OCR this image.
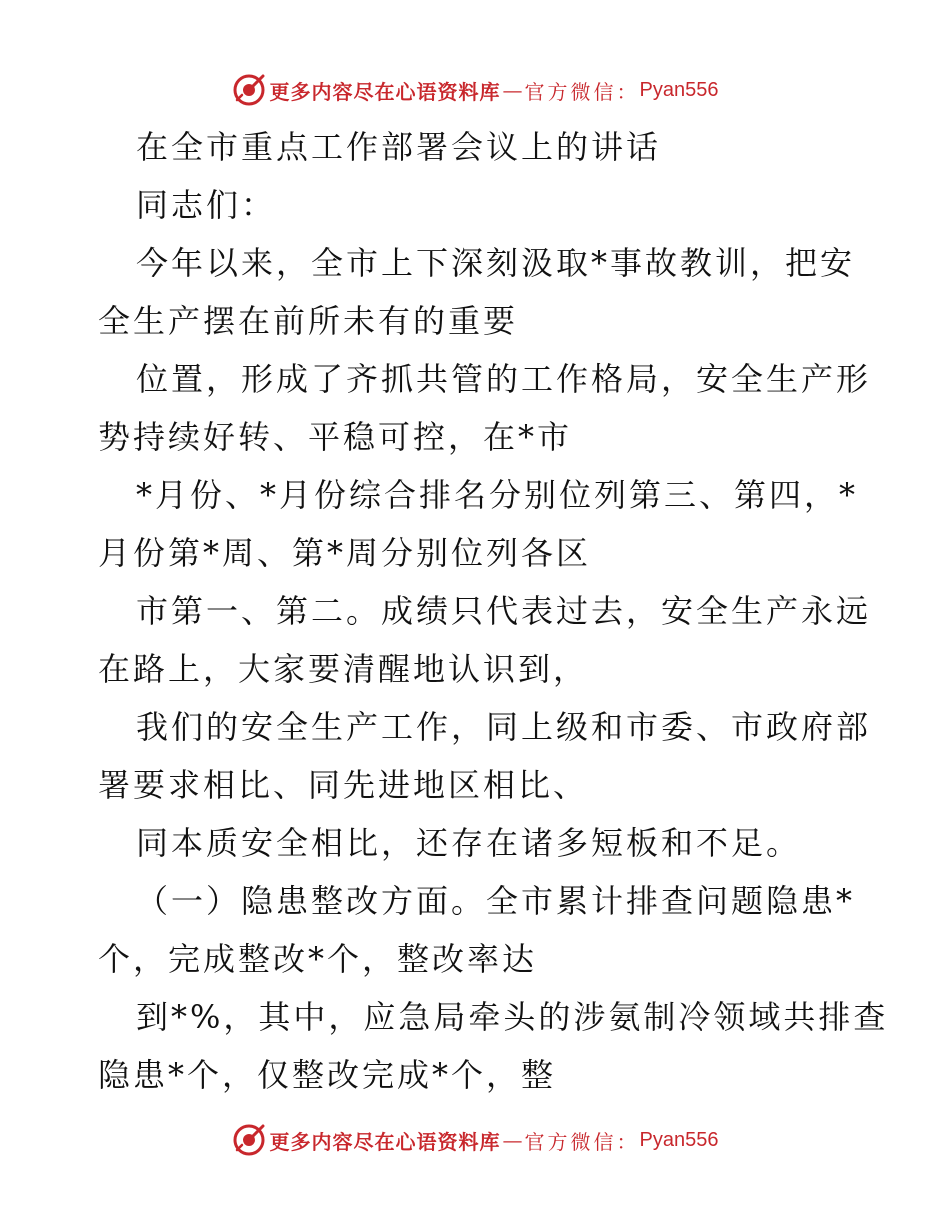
更多内容尽在心语资料库 — 官方微信： Pyan556
在全市重点工作部署会议上的讲话
同志们：
今年以来，全市上下深刻汲取*事故教训，把安
全生产摆在前所未有的重要
位置，形成了齐抓共管的工作格局，安全生产形
势持续好转、平稳可控，在*市
*月份、*月份综合排名分别位列第三、第四，*
月份第*周、第*周分别位列各区
市第一、第二。成绩只代表过去，安全生产永远
在路上，大家要清醒地认识到，
我们的安全生产工作，同上级和市委、市政府部
署要求相比、同先进地区相比、
同本质安全相比，还存在诸多短板和不足。
（一）隐患整改方面。全市累计排查问题隐患*
个，完成整改*个，整改率达
到*%，其中，应急局牵头的涉氨制冷领域共排查
隐患*个，仅整改完成*个，整
更多内容尽在心语资料库 — 官方微信： Pyan556
